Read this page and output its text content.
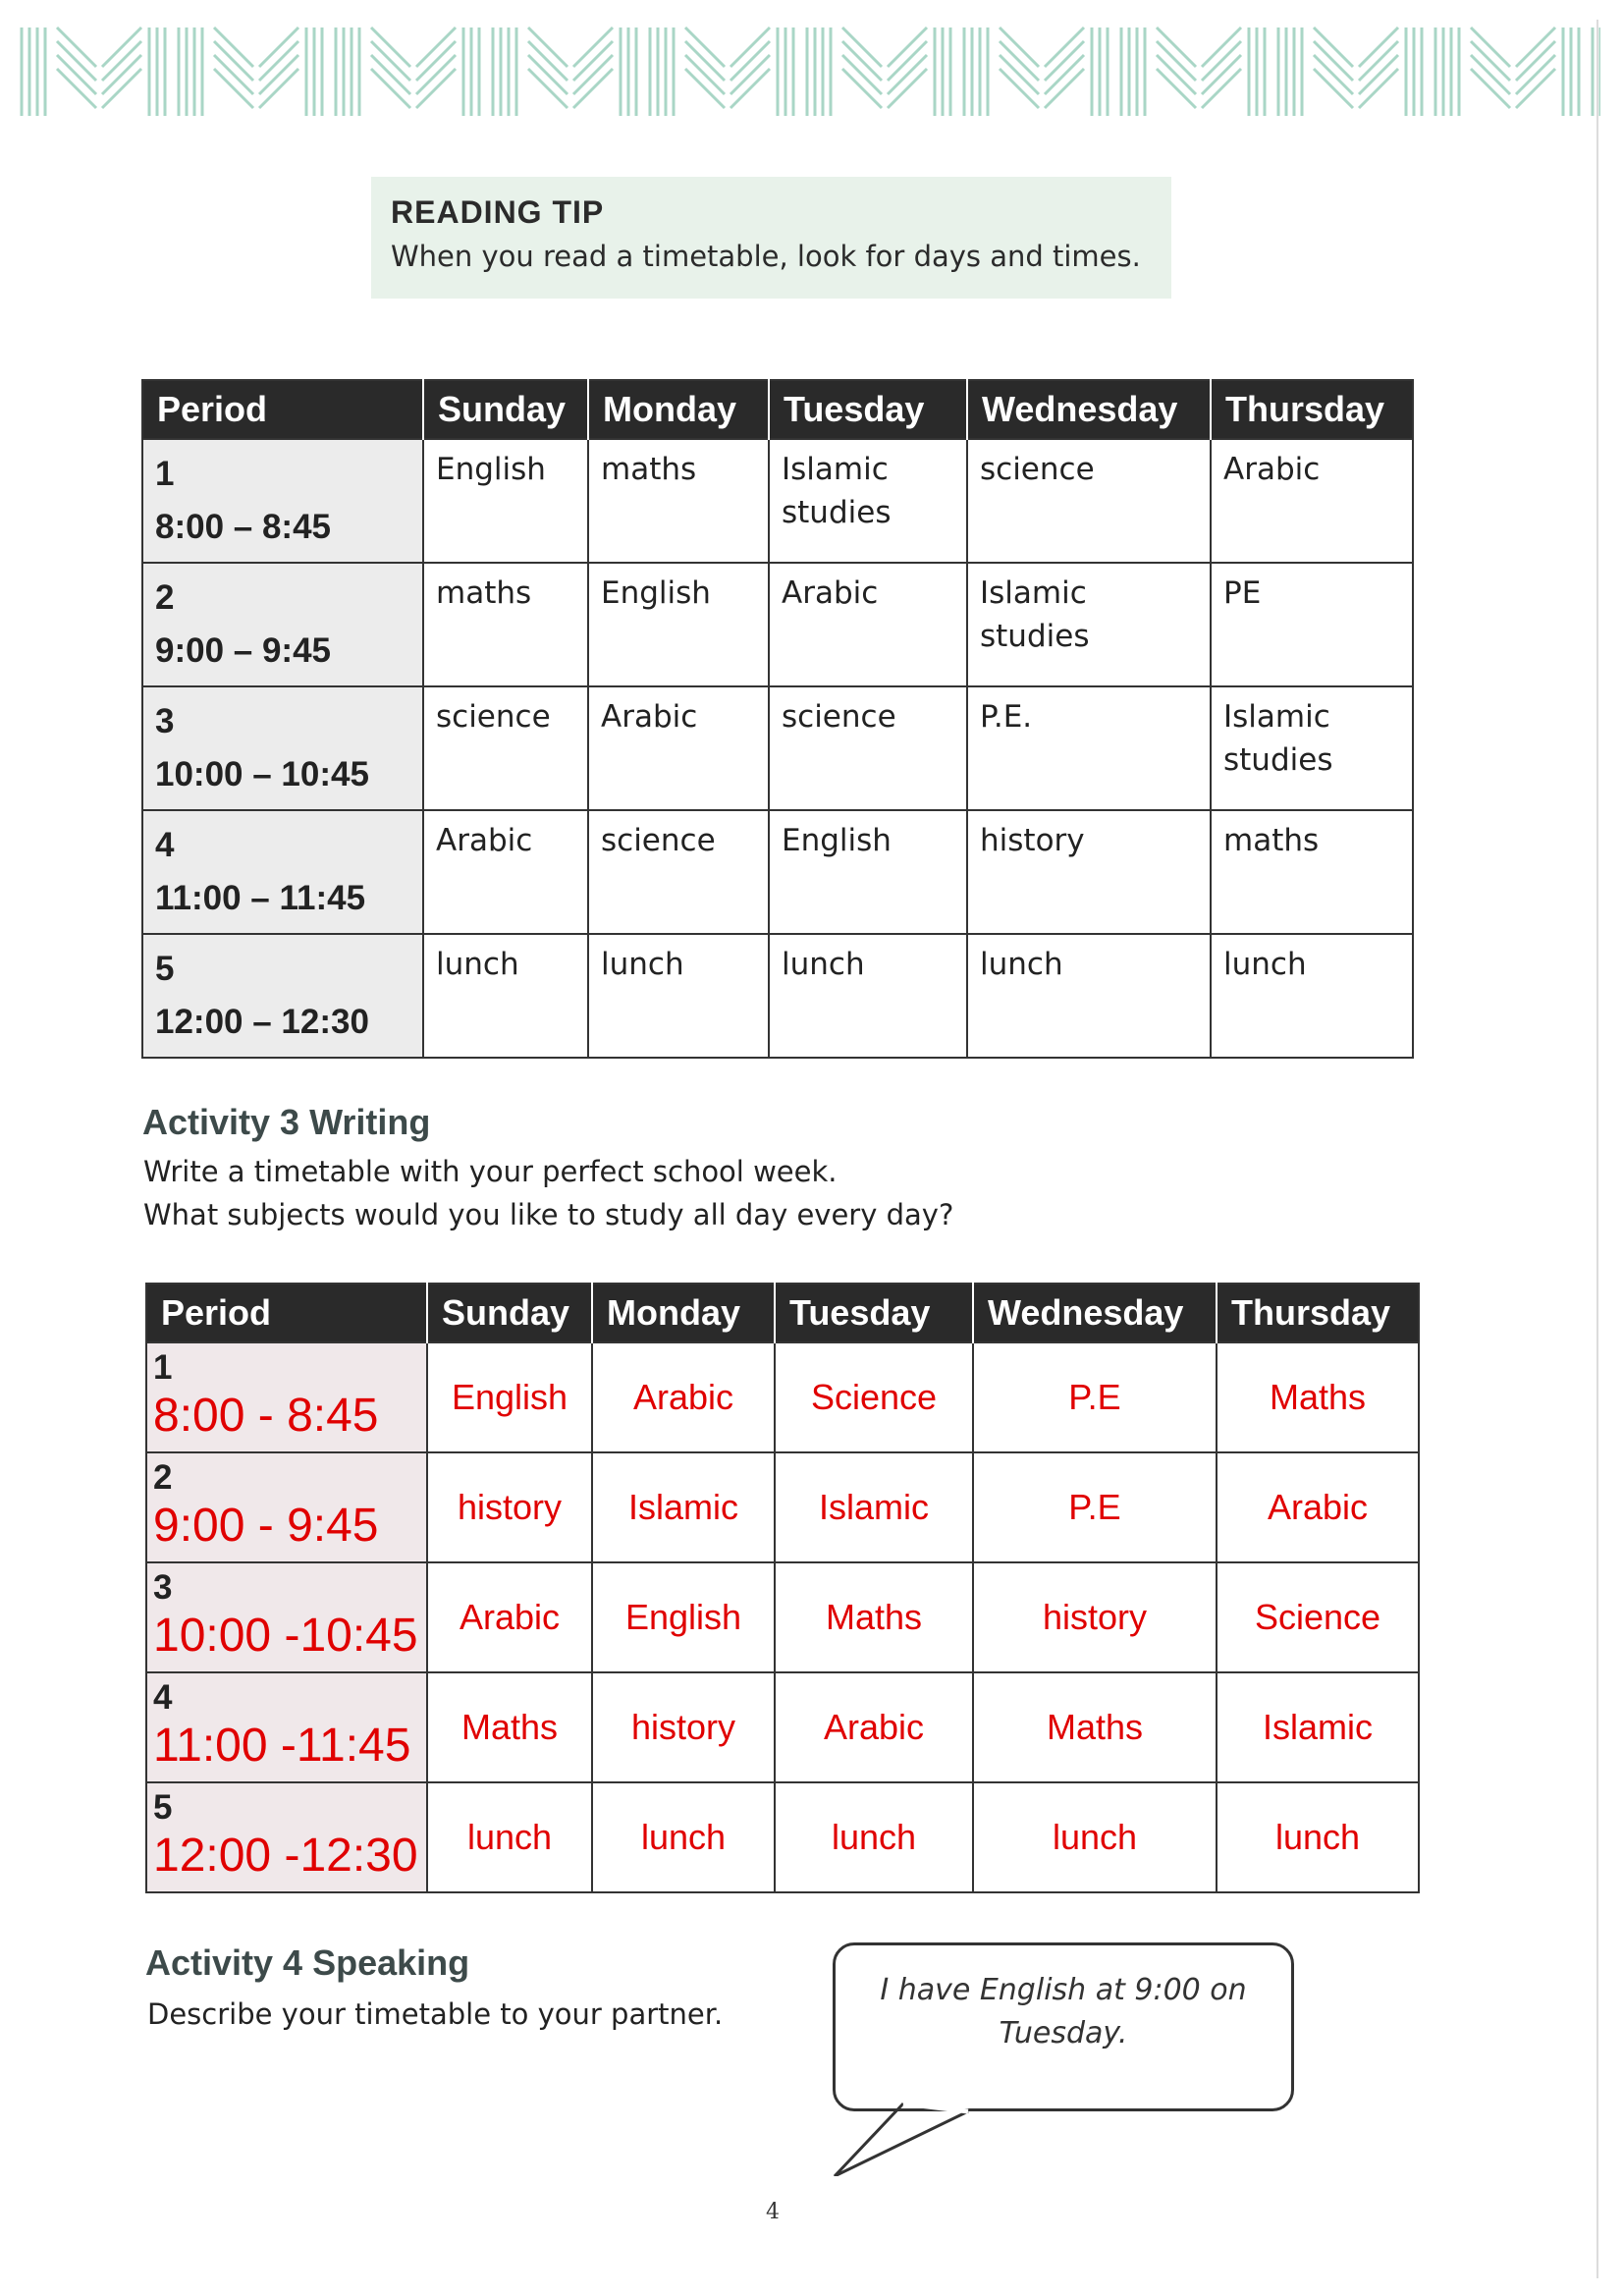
READING TIP
When you read a timetable, look for days and times.
Period	Sunday	Monday	Tuesday	Wednesday	Thursday

1
8:00 – 8:45	English	maths	Islamic studies	science	Arabic

2
9:00 – 9:45	maths	English	Arabic	Islamic studies	PE

3
10:00 – 10:45	science	Arabic	science	P.E.	Islamic studies

4
11:00 – 11:45	Arabic	science	English	history	maths

5
12:00 – 12:30	lunch	lunch	lunch	lunch	lunch
Activity 3 Writing
Write a timetable with your perfect school week.
What subjects would you like to study all day every day?
Period	Sunday	Monday	Tuesday	Wednesday	Thursday

1
8:00 - 8:45	English	Arabic	Science	P.E	Maths

2
9:00 - 9:45	history	Islamic	Islamic	P.E	Arabic

3
10:00 -10:45	Arabic	English	Maths	history	Science

4
11:00 -11:45	Maths	history	Arabic	Maths	Islamic

5
12:00 -12:30	lunch	lunch	lunch	lunch	lunch
Activity 4 Speaking
Describe your timetable to your partner.
I have English at 9:00 on Tuesday.
4
